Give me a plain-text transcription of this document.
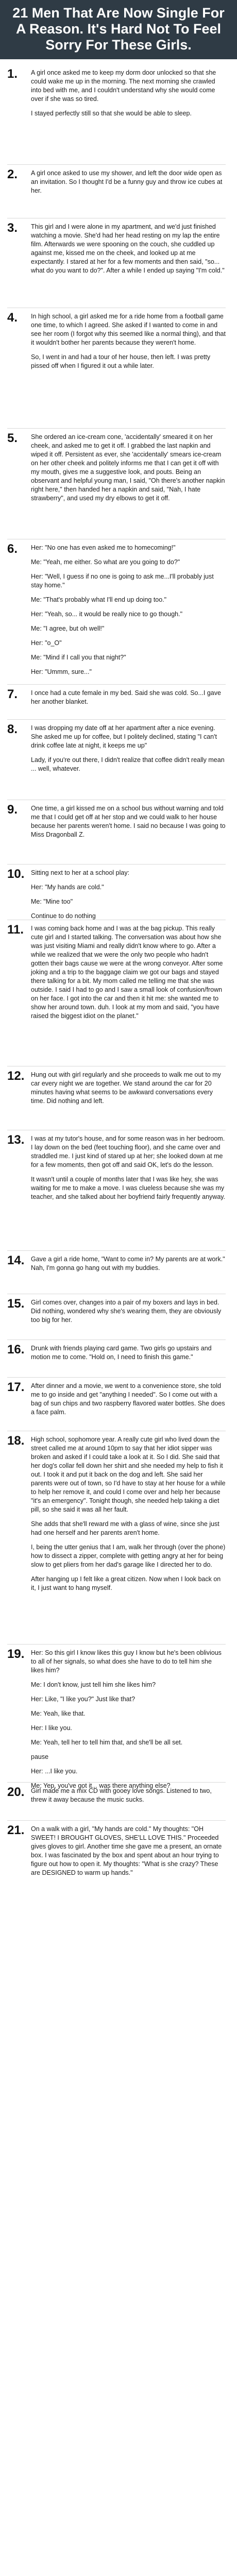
21 Men That Are Now Single For A Reason. It's Hard Not To Feel Sorry For These Girls.
1.	A girl once asked me to keep my dorm door unlocked so that she could wake me up in the morning. The next morning she crawled into bed with me, and I couldn't understand why she would come over if she was so tired.

I stayed perfectly still so that she would be able to sleep.

2.	A girl once asked to use my shower, and left the door wide open as an invitation. So I thought I'd be a funny guy and throw ice cubes at her.

3.	This girl and I were alone in my apartment, and we'd just finished watching a movie. She'd had her head resting on my lap the entire film. Afterwards we were spooning on the couch, she cuddled up against me, kissed me on the cheek, and looked up at me expectantly. I stared at her for a few moments and then said, "so... what do you want to do?". After a while I ended up saying "I'm cold."

4.	In high school, a girl asked me for a ride home from a football game one time, to which I agreed. She asked if I wanted to come in and see her room (I forgot why this seemed like a normal thing), and that it wouldn't bother her parents because they weren't home.

So, I went in and had a tour of her house, then left. I was pretty pissed off when I figured it out a while later.

5.	She ordered an ice-cream cone, 'accidentally' smeared it on her cheek, and asked me to get it off. I grabbed the last napkin and wiped it off. Persistent as ever, she 'accidentally' smears ice-cream on her other cheek and politely informs me that I can get it off with my mouth, gives me a suggestive look, and pouts. Being an observant and helpful young man, I said, "Oh there's another napkin right here," then handed her a napkin and said, "Nah, I hate strawberry", and used my dry elbows to get it off.

6.	Her: "No one has even asked me to homecoming!"

Me: "Yeah, me either. So what are you going to do?"

Her: "Well, I guess if no one is going to ask me...I'll probably just stay home."

Me: "That's probably what I'll end up doing too."

Her: "Yeah, so... it would be really nice to go though."

Me: "I agree, but oh well!"

Her: "o_O"

Me: "Mind if I call you that night?"

Her: "Ummm, sure..."

7.	I once had a cute female in my bed. Said she was cold. So...I gave her another blanket.

8.	I was dropping my date off at her apartment after a nice evening. She asked me up for coffee, but I politely declined, stating "I can't drink coffee late at night, it keeps me up"

Lady, if you're out there, I didn't realize that coffee didn't really mean ... well, whatever.

9.	One time, a girl kissed me on a school bus without warning and told me that I could get off at her stop and we could walk to her house because her parents weren't home. I said no because I was going to Miss Dragonball Z.

10.	Sitting next to her at a school play:

Her: "My hands are cold."

Me: "Mine too"

Continue to do nothing

11.	I was coming back home and I was at the bag pickup. This really cute girl and I started talking. The conversation was about how she was just visiting Miami and really didn't know where to go. After a while we realized that we were the only two people who hadn't gotten their bags cause we were at the wrong conveyor. After some joking and a trip to the baggage claim we got our bags and stayed there talking for a bit. My mom called me telling me that she was outside. I said I had to go and I saw a small look of confusion/frown on her face. I got into the car and then it hit me: she wanted me to show her around town. duh. I look at my mom and said, "you have raised the biggest idiot on the planet."

12.	Hung out with girl regularly and she proceeds to walk me out to my car every night we are together. We stand around the car for 20 minutes having what seems to be awkward conversations every time. Did nothing and left.

13.	I was at my tutor's house, and for some reason was in her bedroom. I lay down on the bed (feet touching floor), and she came over and straddled me. I just kind of stared up at her; she looked down at me for a few moments, then got off and said OK, let's do the lesson.

It wasn't until a couple of months later that I was like hey, she was waiting for me to make a move. I was clueless because she was my teacher, and she talked about her boyfriend fairly frequently anyway.

14.	Gave a girl a ride home, "Want to come in? My parents are at work." Nah, I'm gonna go hang out with my buddies.

15.	Girl comes over, changes into a pair of my boxers and lays in bed. Did nothing, wondered why she's wearing them, they are obviously too big for her.

16.	Drunk with friends playing card game. Two girls go upstairs and motion me to come. "Hold on, I need to finish this game."

17.	After dinner and a movie, we went to a convenience store, she told me to go inside and get "anything I needed". So I come out with a bag of sun chips and two raspberry flavored water bottles. She does a face palm.

18.	High school, sophomore year. A really cute girl who lived down the street called me at around 10pm to say that her idiot sipper was broken and asked if I could take a look at it. So I did. She said that her dog's collar fell down her shirt and she needed my help to fish it out. I took it and put it back on the dog and left. She said her parents were out of town, so I'd have to stay at her house for a while to help her remove it, and could I come over and help her because "it's an emergency". Tonight though, she needed help taking a diet pill, so she said it was all her fault.

She adds that she'll reward me with a glass of wine, since she just had one herself and her parents aren't home.

I, being the utter genius that I am, walk her through (over the phone) how to dissect a zipper, complete with getting angry at her for being slow to get pliers from her dad's garage like I directed her to do.

After hanging up I felt like a great citizen. Now when I look back on it, I just want to hang myself.

19.	Her: So this girl I know likes this guy I know but he's been oblivious to all of her signals, so what does she have to do to tell him she likes him?

Me: I don't know, just tell him she likes him?

Her: Like, "I like you?" Just like that?

Me: Yeah, like that.

Her: I like you.

Me: Yeah, tell her to tell him that, and she'll be all set.

pause

Her: ...I like you.

Me: Yep, you've got it... was there anything else?

20.	Girl made me a mix CD with gooey love songs. Listened to two, threw it away because the music sucks.

21.	On a walk with a girl, "My hands are cold." My thoughts: "OH SWEET! I BROUGHT GLOVES, SHE'LL LOVE THIS." Proceeded gives gloves to girl. Another time she gave me a present, an ornate box. I was fascinated by the box and spent about an hour trying to figure out how to open it. My thoughts: "What is she crazy? These are DESIGNED to warm up hands."
